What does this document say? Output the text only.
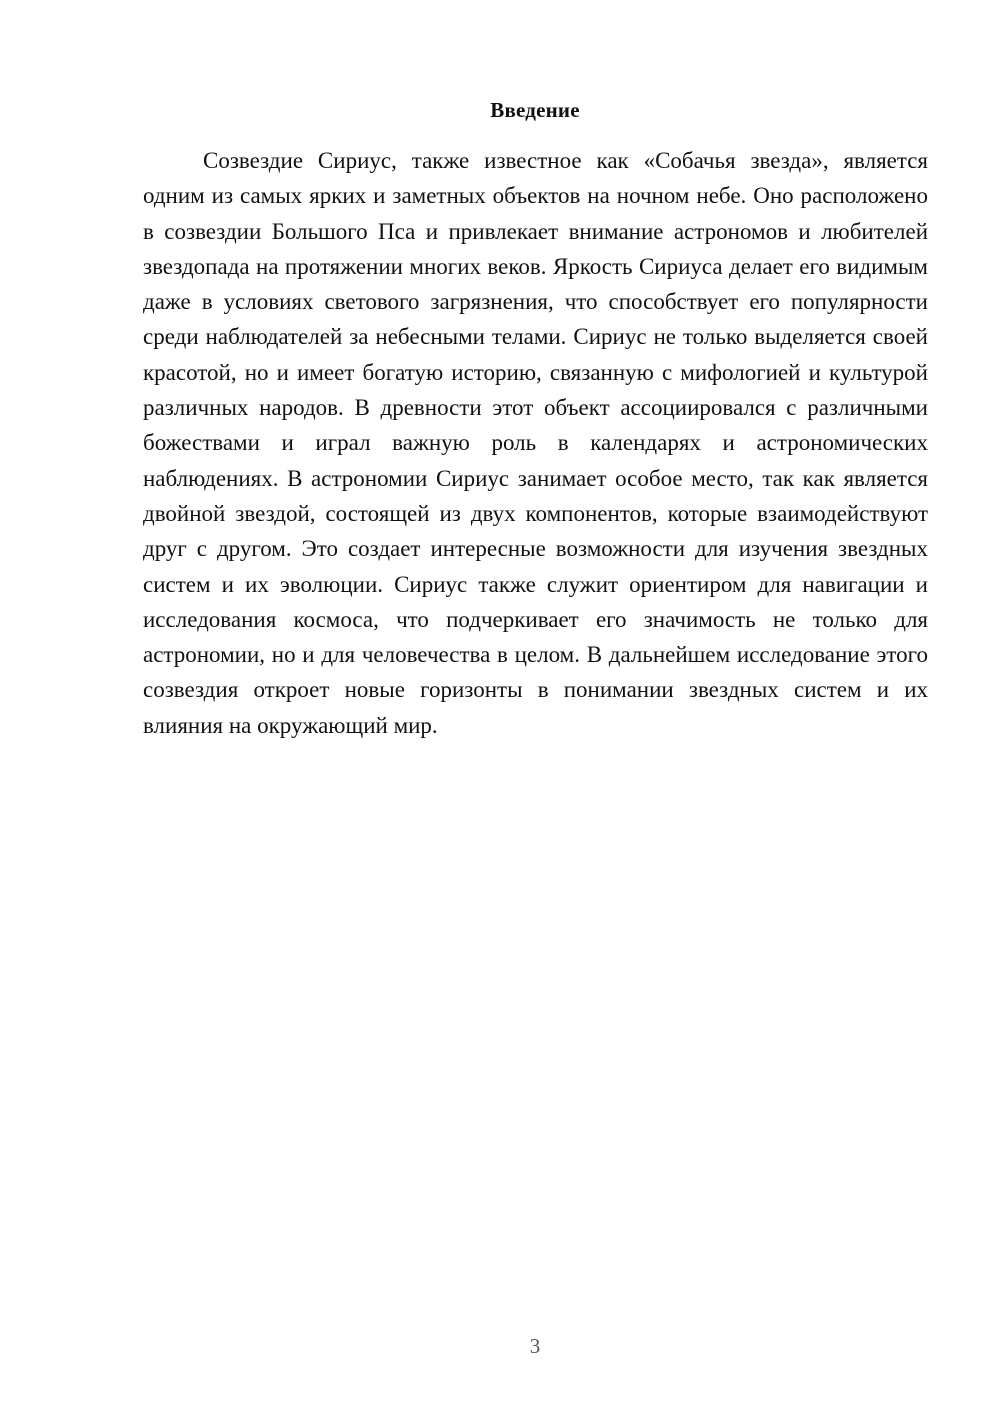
Введение

Созвездие Сириус, также известное как «Собачья звезда», является одним из самых ярких и заметных объектов на ночном небе. Оно расположено в созвездии Большого Пса и привлекает внимание астрономов и любителей звездопада на протяжении многих веков. Яркость Сириуса делает его видимым даже в условиях светового загрязнения, что способствует его популярности среди наблюдателей за небесными телами. Сириус не только выделяется своей красотой, но и имеет богатую историю, связанную с мифологией и культурой различных народов. В древности этот объект ассоциировался с различными божествами и играл важную роль в календарях и астрономических наблюдениях. В астрономии Сириус занимает особое место, так как является двойной звездой, состоящей из двух компонентов, которые взаимодействуют друг с другом. Это создает интересные возможности для изучения звездных систем и их эволюции. Сириус также служит ориентиром для навигации и исследования космоса, что подчеркивает его значимость не только для астрономии, но и для человечества в целом. В дальнейшем исследование этого созвездия откроет новые горизонты в понимании звездных систем и их влияния на окружающий мир.

3
